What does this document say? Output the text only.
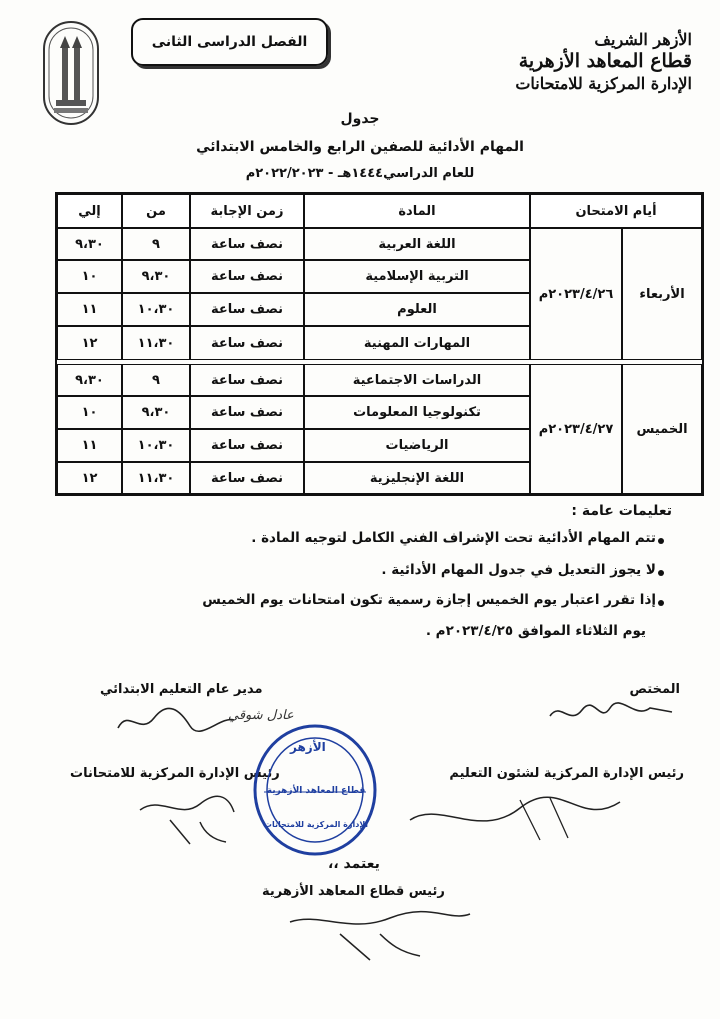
الفصل الدراسى الثانى	الأزهر الشريف
قطاع المعاهد الأزهرية
الإدارة المركزية للامتحانات
جدول
المهام الأدائية للصفين الرابع والخامس الابتدائي
للعام الدراسي١٤٤٤هـ - ٢٠٢٢/٢٠٢٣م
أيام الامتحان
المادة
زمن الإجابة
من
إلي
الأربعاء
٢٠٢٣/٤/٢٦م
الخميس
٢٠٢٣/٤/٢٧م
اللغة العربية
نصف ساعة
٩
٩،٣٠
التربية الإسلامية
نصف ساعة
٩،٣٠
١٠
العلوم
نصف ساعة
١٠،٣٠
١١
المهارات المهنية
نصف ساعة
١١،٣٠
١٢
الدراسات الاجتماعية
نصف ساعة
٩
٩،٣٠
تكنولوجيا المعلومات
نصف ساعة
٩،٣٠
١٠
الرياضيات
نصف ساعة
١٠،٣٠
١١
اللغة الإنجليزية
نصف ساعة
١١،٣٠
١٢
تعليمات عامة :
تتم المهام الأدائية تحت الإشراف الفني الكامل لتوجيه المادة .
لا يجوز التعديل في جدول المهام الأدائية .
إذا تقرر اعتبار يوم الخميس إجازة رسمية تكون امتحانات يوم الخميس
يوم الثلاثاء الموافق ٢٠٢٣/٤/٢٥م .
المختص
مدير عام التعليم الابتدائي
عادل شوقي
رئيس الإدارة المركزية لشئون التعليم
رئيس الإدارة المركزية للامتحانات
الأزهر
قطاع المعاهد الأزهرية
الإدارة المركزية للامتحانات
يعتمد ،،
رئيس قطاع المعاهد الأزهرية
